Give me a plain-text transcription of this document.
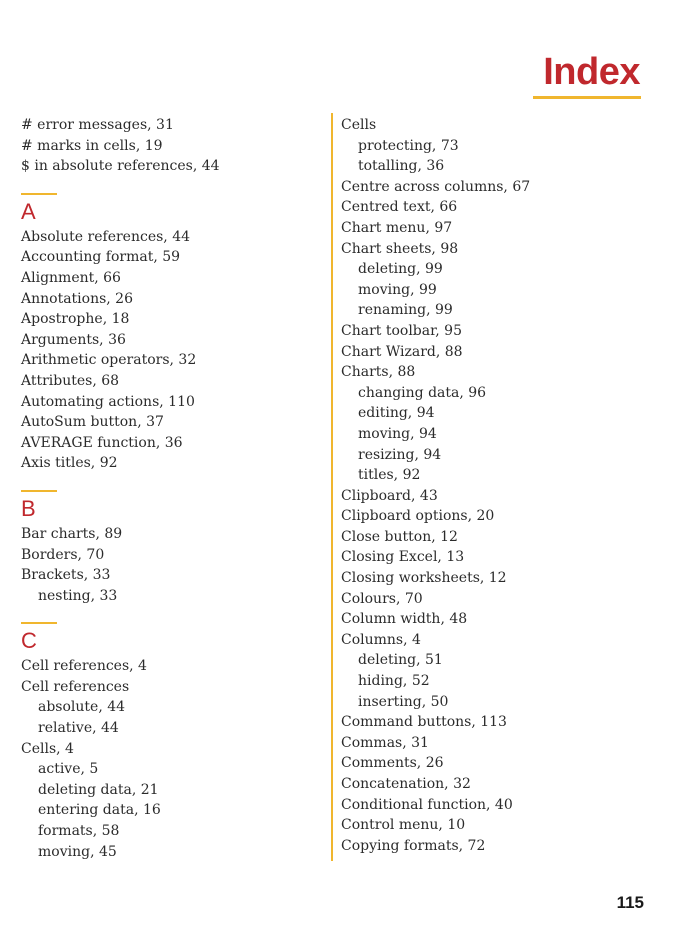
Index
# error messages, 31
# marks in cells, 19
$ in absolute references, 44
A
Absolute references, 44
Accounting format, 59
Alignment, 66
Annotations, 26
Apostrophe, 18
Arguments, 36
Arithmetic operators, 32
Attributes, 68
Automating actions, 110
AutoSum button, 37
AVERAGE function, 36
Axis titles, 92
B
Bar charts, 89
Borders, 70
Brackets, 33
nesting, 33
C
Cell references, 4
Cell references
absolute, 44
relative, 44
Cells, 4
active, 5
deleting data, 21
entering data, 16
formats, 58
moving, 45
Cells
protecting, 73
totalling, 36
Centre across columns, 67
Centred text, 66
Chart menu, 97
Chart sheets, 98
deleting, 99
moving, 99
renaming, 99
Chart toolbar, 95
Chart Wizard, 88
Charts, 88
changing data, 96
editing, 94
moving, 94
resizing, 94
titles, 92
Clipboard, 43
Clipboard options, 20
Close button, 12
Closing Excel, 13
Closing worksheets, 12
Colours, 70
Column width, 48
Columns, 4
deleting, 51
hiding, 52
inserting, 50
Command buttons, 113
Commas, 31
Comments, 26
Concatenation, 32
Conditional function, 40
Control menu, 10
Copying formats, 72
115
